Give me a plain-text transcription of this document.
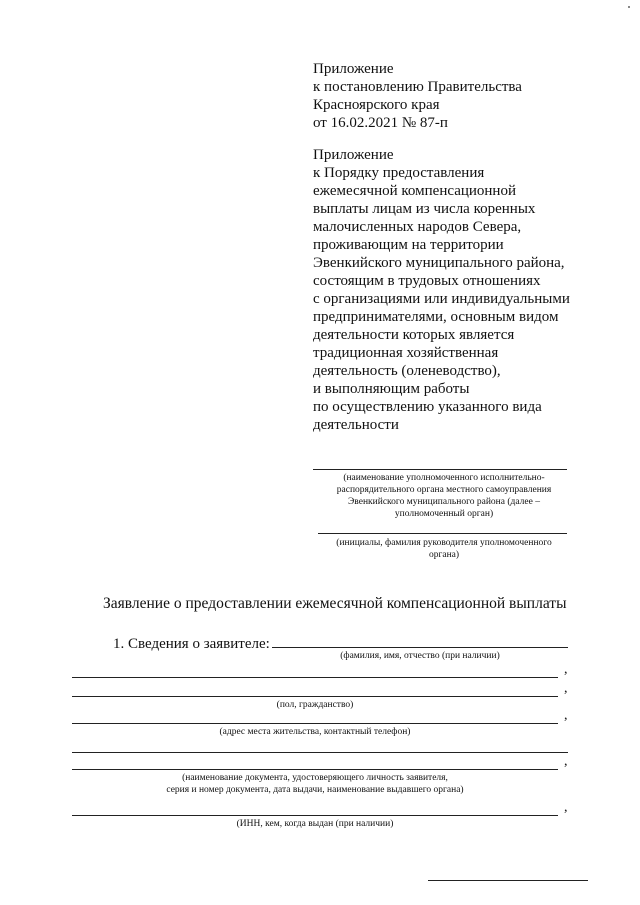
Приложение
к постановлению Правительства
Красноярского края
от 16.02.2021 № 87-п
Приложение
к Порядку предоставления
ежемесячной компенсационной
выплаты лицам из числа коренных
малочисленных народов Севера,
проживающим на территории
Эвенкийского муниципального района,
состоящим в трудовых отношениях
с организациями или индивидуальными
предпринимателями, основным видом
деятельности которых является
традиционная хозяйственная
деятельность (оленеводство),
и выполняющим работы
по осуществлению указанного вида
деятельности
(наименование уполномоченного исполнительно-
распорядительного органа местного самоуправления
Эвенкийского муниципального района (далее –
уполномоченный орган)
(инициалы, фамилия руководителя уполномоченного
органа)
Заявление о предоставлении ежемесячной компенсационной выплаты
1. Сведения о заявителе:
(фамилия, имя, отчество (при наличии)
,
,
(пол, гражданство)
,
(адрес места жительства, контактный телефон)
,
(наименование документа, удостоверяющего личность заявителя,
серия и номер документа, дата выдачи, наименование выдавшего органа)
,
(ИНН, кем, когда выдан (при наличии)
